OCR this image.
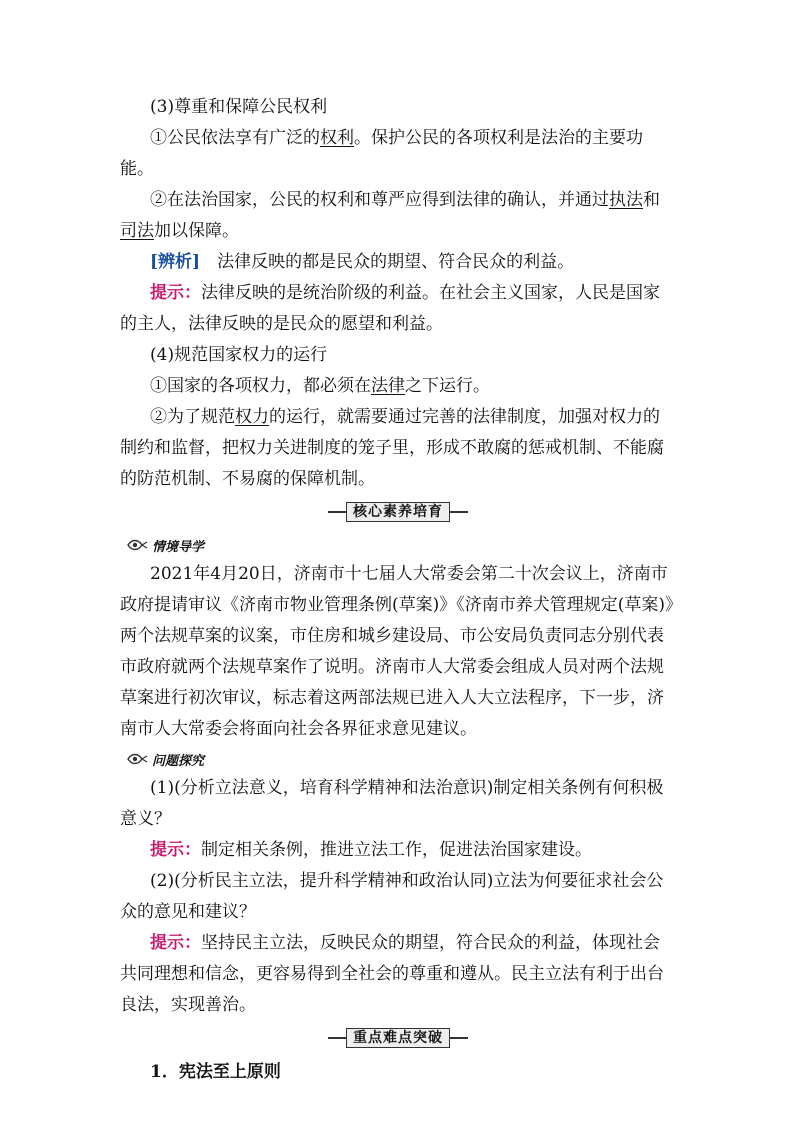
(3)尊重和保障公民权利

①公民依法享有广泛的权利。保护公民的各项权利是法治的主要功能。

②在法治国家，公民的权利和尊严应得到法律的确认，并通过执法和司法加以保障。

[辨析]　法律反映的都是民众的期望、符合民众的利益。

提示：法律反映的是统治阶级的利益。在社会主义国家，人民是国家的主人，法律反映的是民众的愿望和利益。

(4)规范国家权力的运行

①国家的各项权力，都必须在法律之下运行。

②为了规范权力的运行，就需要通过完善的法律制度，加强对权力的制约和监督，把权力关进制度的笼子里，形成不敢腐的惩戒机制、不能腐的防范机制、不易腐的保障机制。

核心素养培育
情境导学

2021年4月20日，济南市十七届人大常委会第二十次会议上，济南市政府提请审议《济南市物业管理条例(草案)》《济南市养犬管理规定(草案)》两个法规草案的议案，市住房和城乡建设局、市公安局负责同志分别代表市政府就两个法规草案作了说明。济南市人大常委会组成人员对两个法规草案进行初次审议，标志着这两部法规已进入人大立法程序，下一步，济南市人大常委会将面向社会各界征求意见建议。

问题探究

(1)(分析立法意义，培育科学精神和法治意识)制定相关条例有何积极意义？

提示：制定相关条例，推进立法工作，促进法治国家建设。

(2)(分析民主立法，提升科学精神和政治认同)立法为何要征求社会公众的意见和建议？

提示：坚持民主立法，反映民众的期望，符合民众的利益，体现社会共同理想和信念，更容易得到全社会的尊重和遵从。民主立法有利于出台良法，实现善治。

重点难点突破

1．宪法至上原则
